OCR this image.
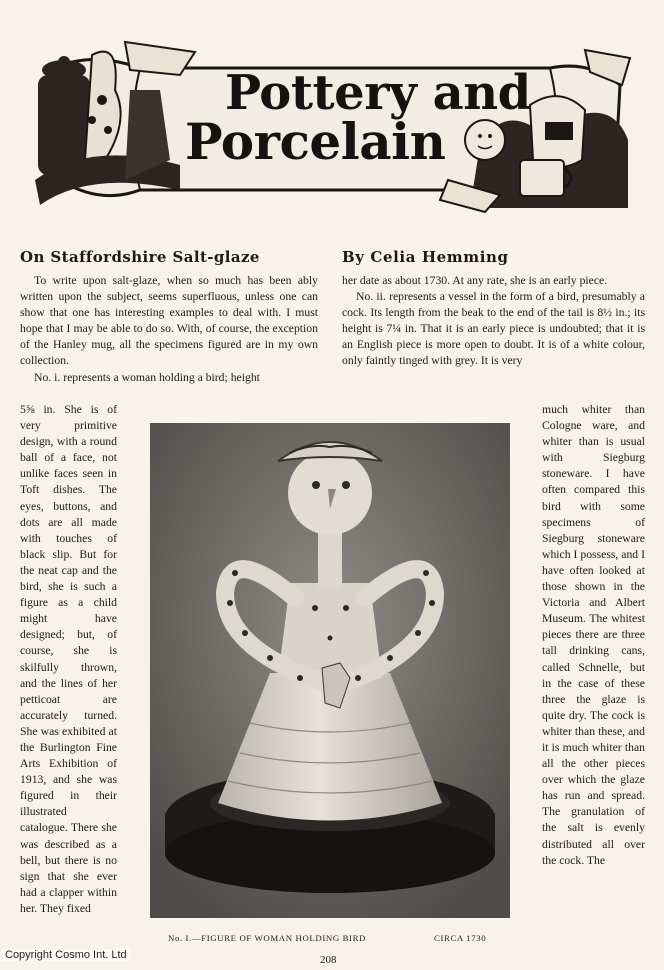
Pottery and
Porcelain
On Staffordshire Salt-glaze	By Celia Hemming

To write upon salt-glaze, when so much has been ably written upon the subject, seems superfluous, unless one can show that one has interesting examples to deal with. I must hope that I may be able to do so. With, of course, the exception of the Hanley mug, all the specimens figured are in my own collection.

No. i. represents a woman holding a bird; height

her date as about 1730. At any rate, she is an early piece.

No. ii. represents a vessel in the form of a bird, presumably a cock. Its length from the beak to the end of the tail is 8½ in.; its height is 7¼ in. That it is an early piece is undoubted; that it is an English piece is more open to doubt. It is of a white colour, only faintly tinged with grey. It is very

5⅝ in. She is of very primitive design, with a round ball of a face, not unlike faces seen in Toft dishes. The eyes, buttons, and dots are all made with touches of black slip. But for the neat cap and the bird, she is such a figure as a child might have designed; but, of course, she is skilfully thrown, and the lines of her petticoat are accurately turned. She was exhibited at the Burlington Fine Arts Exhibition of 1913, and she was figured in their illustrated catalogue. There she was described as a bell, but there is no sign that she ever had a clapper within her. They fixed

much whiter than Cologne ware, and whiter than is usual with Siegburg stoneware. I have often compared this bird with some specimens of Siegburg stoneware which I possess, and I have often looked at those shown in the Victoria and Albert Museum. The whitest pieces there are three tall drinking cans, called Schnelle, but in the case of these three the glaze is quite dry. The cock is whiter than these, and it is much whiter than all the other pieces over which the glaze has run and spread. The granulation of the salt is evenly distributed all over the cock. The

No. I.—FIGURE OF WOMAN HOLDING BIRD	CIRCA 1730
208
Copyright Cosmo Int. Ltd
